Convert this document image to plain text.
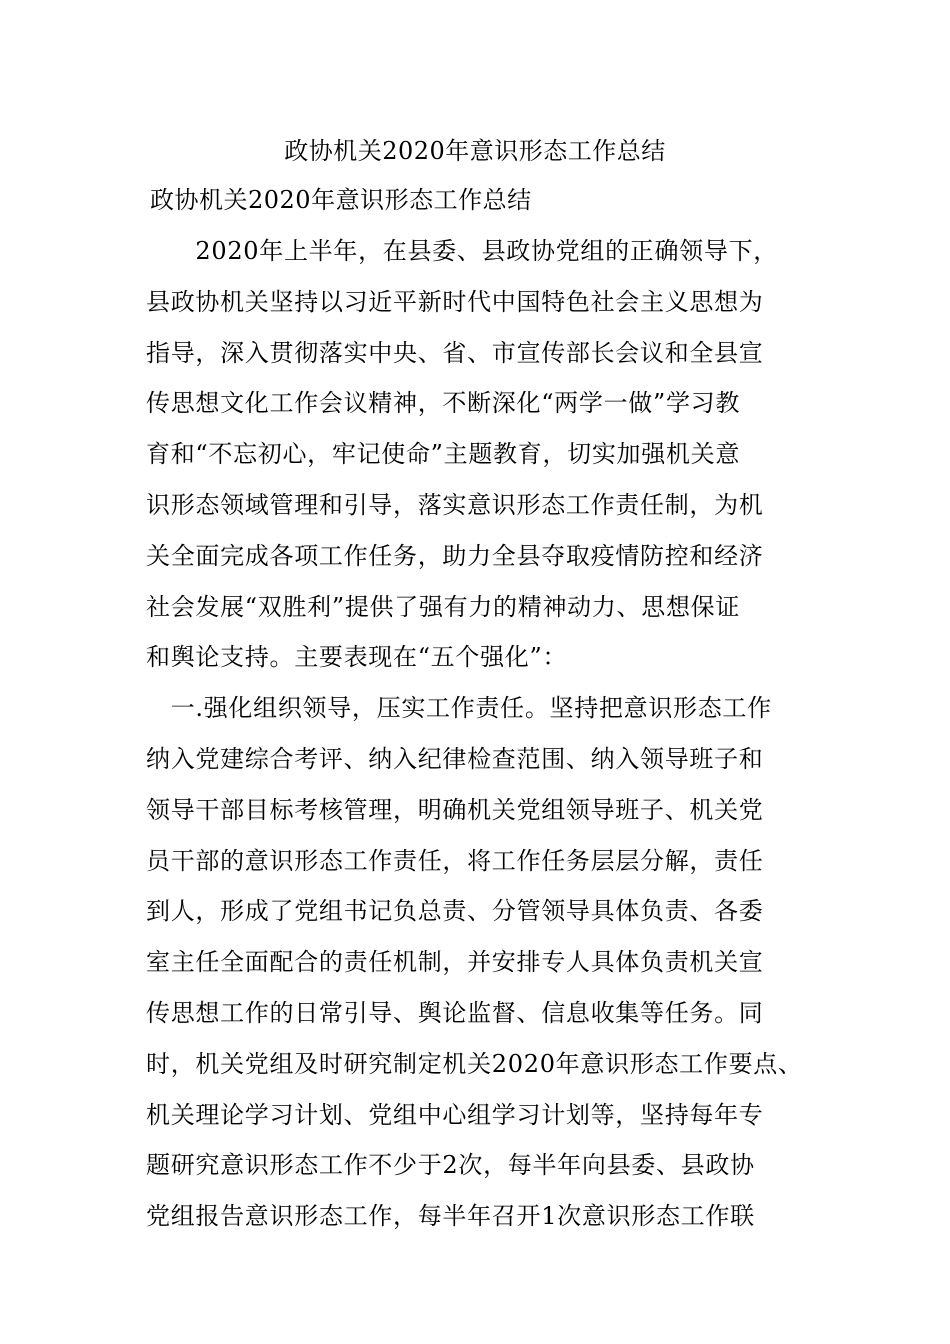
政协机关2020年意识形态工作总结
政协机关2020年意识形态工作总结
　　2020年上半年，在县委、县政协党组的正确领导下，
县政协机关坚持以习近平新时代中国特色社会主义思想为
指导，深入贯彻落实中央、省、市宣传部长会议和全县宣
传思想文化工作会议精神，不断深化“两学一做”学习教
育和“不忘初心，牢记使命”主题教育，切实加强机关意
识形态领域管理和引导，落实意识形态工作责任制，为机
关全面完成各项工作任务，助力全县夺取疫情防控和经济
社会发展“双胜利”提供了强有力的精神动力、思想保证
和舆论支持。主要表现在“五个强化”：
　一.强化组织领导，压实工作责任。坚持把意识形态工作
纳入党建综合考评、纳入纪律检查范围、纳入领导班子和
领导干部目标考核管理，明确机关党组领导班子、机关党
员干部的意识形态工作责任，将工作任务层层分解，责任
到人，形成了党组书记负总责、分管领导具体负责、各委
室主任全面配合的责任机制，并安排专人具体负责机关宣
传思想工作的日常引导、舆论监督、信息收集等任务。同
时，机关党组及时研究制定机关2020年意识形态工作要点、
机关理论学习计划、党组中心组学习计划等，坚持每年专
题研究意识形态工作不少于2次，每半年向县委、县政协
党组报告意识形态工作，每半年召开1次意识形态工作联
